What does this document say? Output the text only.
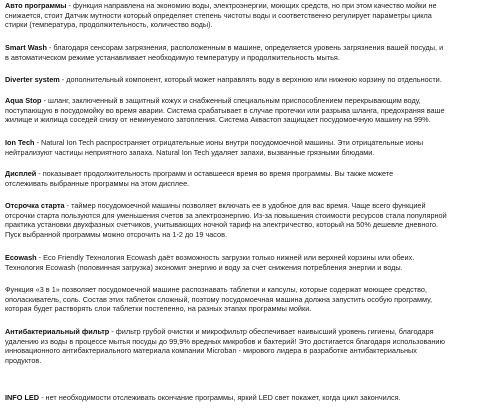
Авто программы - функция направлена на экономию воды, электроэнергии, моющих средств, но при этом качество мойки не
снижается, стоит Датчик мутности который определяет степень чистоты воды и соответственно регулирует параметры цикла
стирки (температура, продолжительность, количество воды).
Smart Wash - благодаря сенсорам загрязнения, расположенным в машине, определяется уровень загрязнения вашей посуды, и
в автоматическом режиме устанавливает необходимую температуру и продолжительность мытья.
Diverter system - дополнительный компонент, который может направлять воду в верхнюю или нижнюю корзину по отдельности.
Aqua Stop - шланг, заключенный в защитный кожух и снабженный специальным приспособлением перекрывающим воду,
поступающую в посудомойку во время аварии. Система срабатывает в случае протечки или разрыва шланга, предохраняя ваше
жилище и жилища соседей снизу от неминуемого затопления. Система Аквастоп защищает посудомоечную машину на 99%.
Ion Tech - Natural Ion Tech распространяет отрицательные ионы внутри посудомоечной машины. Эти отрицательные ионы
нейтрализуют частицы неприятного запаха. Natural Ion Tech удаляет запахи, вызванные грязными блюдами.
Дисплей - показывает продолжительность программ и оставшееся время во время программы. Вы также можете
отслеживать выбранные программы на этом дисплее.
Отсрочка старта - таймер посудомоечной машины позволяет включать ее в удобное для вас время. Чаще всего функцией
отсрочки старта пользуются для уменьшения счетов за электроэнергию. Из-за повышения стоимости ресурсов стала популярной
практика установки двухфазных счетчиков, учитывающих ночной тариф на электричество, который на 50% дешевле дневного.
Пуск выбранной программы можно отсрочить на 1-2 до 19 часов.
Ecowash - Eco Friendly Технология Ecowash даёт возможность загрузки только нижней или верхней корзины или обеих.
Технология Ecowash (половинная загрузка) экономит энергию и воду за счет снижения потребления энергии и воды.
Функция «3 в 1» позволяет посудомоечной машине распознавать таблетки и капсулы, которые содержат моющее средство,
ополаскиватель, соль. Состав этих таблеток сложный, поэтому посудомоечная машина должна запустить особую программу,
которая будет растворять слои таблетки постепенно, на разных этапах программы мойки.
Антибактериальный фильтр - фильтр грубой очистки и микрофильтр обеспечивает наивысший уровень гигиены, благодаря
удалению из воды в процессе мытья посуды до 99,9% вредных микробов и бактерий! Это достигается благодаря использованию
инновационного антибактериального материала компании Microban - мирового лидера в разработке антибактериальных
продуктов.
INFO LED - нет необходимости отслеживать окончание программы, яркий LED свет покажет, когда цикл закончился.
